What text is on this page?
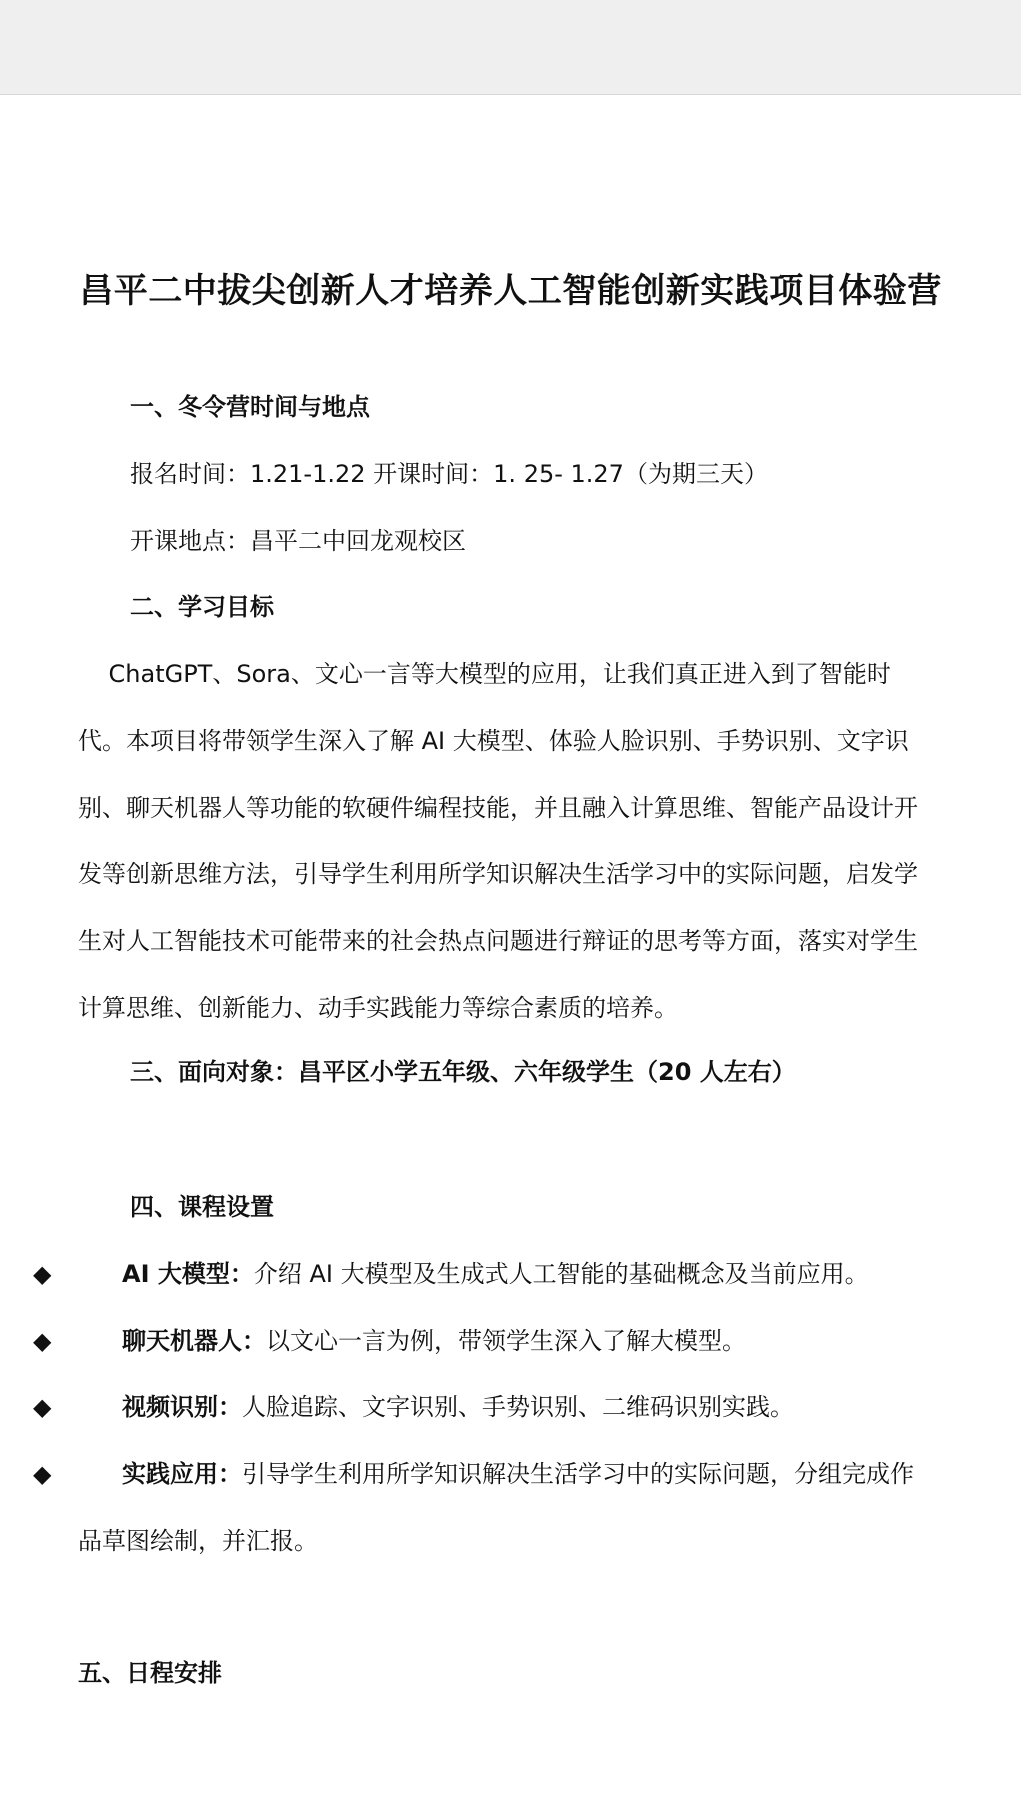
昌平二中拔尖创新人才培养人工智能创新实践项目体验营
一、冬令营时间与地点
报名时间：1.21-1.22 开课时间：1. 25- 1.27（为期三天）
开课地点：昌平二中回龙观校区
二、学习目标
ChatGPT、Sora、文心一言等大模型的应用，让我们真正进入到了智能时
代。本项目将带领学生深入了解 AI 大模型、体验人脸识别、手势识别、文字识
别、聊天机器人等功能的软硬件编程技能，并且融入计算思维、智能产品设计开
发等创新思维方法，引导学生利用所学知识解决生活学习中的实际问题，启发学
生对人工智能技术可能带来的社会热点问题进行辩证的思考等方面，落实对学生
计算思维、创新能力、动手实践能力等综合素质的培养。
三、面向对象：昌平区小学五年级、六年级学生（20 人左右）
四、课程设置
◆	AI 大模型：介绍 AI 大模型及生成式人工智能的基础概念及当前应用。
◆	聊天机器人：以文心一言为例，带领学生深入了解大模型。
◆	视频识别：人脸追踪、文字识别、手势识别、二维码识别实践。
◆	实践应用：引导学生利用所学知识解决生活学习中的实际问题，分组完成作
品草图绘制，并汇报。
五、日程安排
